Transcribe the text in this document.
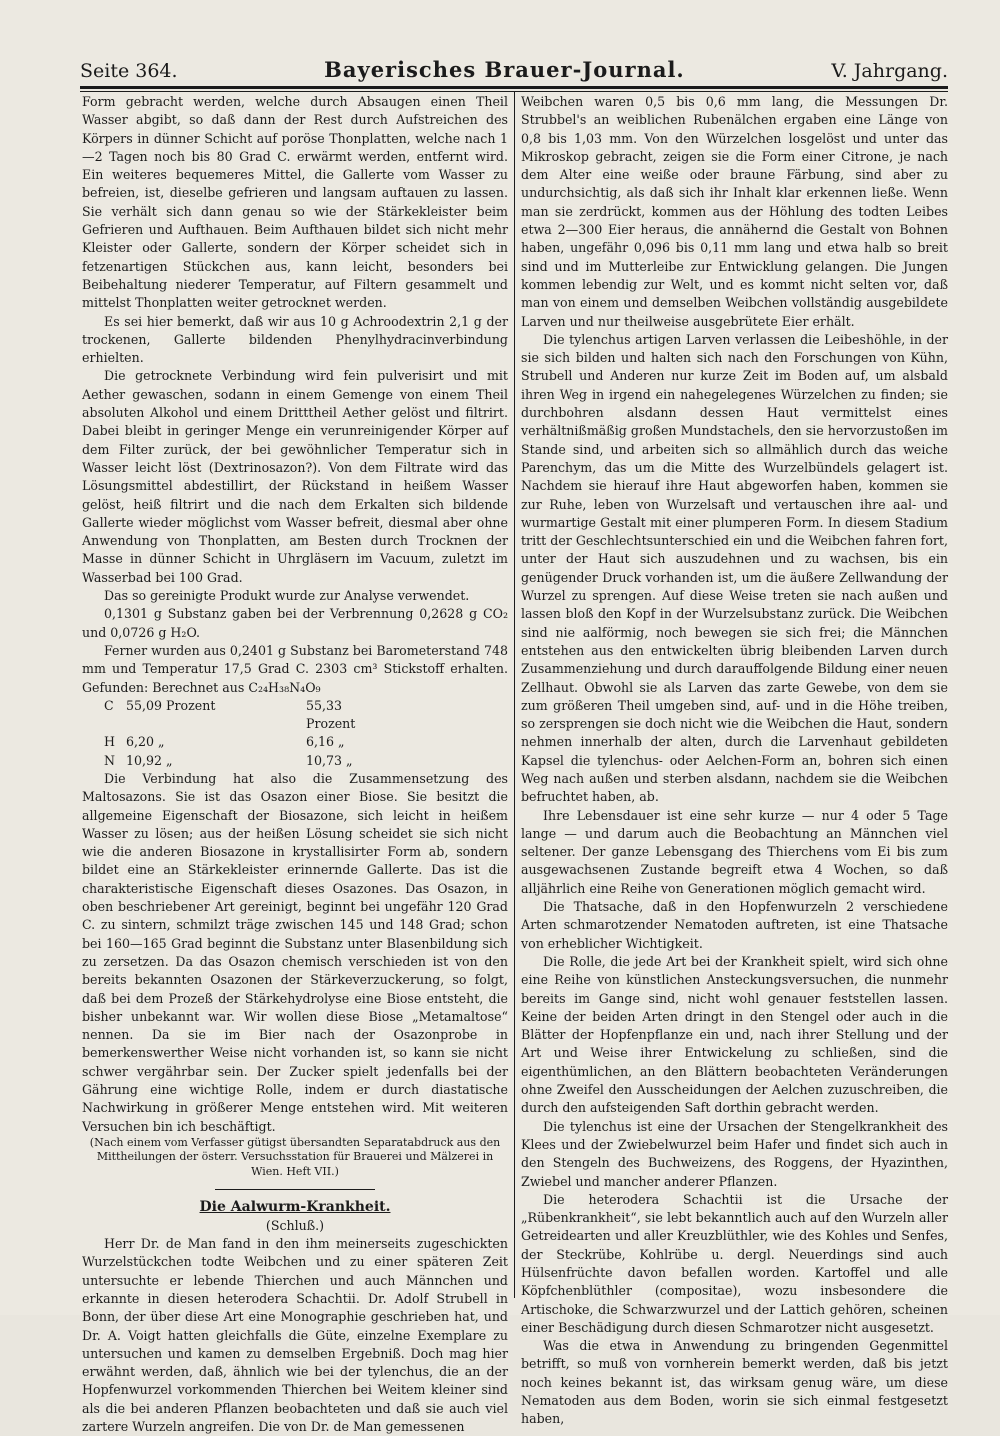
Seite 364.	Bayerisches Brauer-Journal.	V. Jahrgang.

Form gebracht werden, welche durch Absaugen einen Theil Wasser abgibt, so daß dann der Rest durch Aufstreichen des Körpers in dünner Schicht auf poröse Thonplatten, welche nach 1—2 Tagen noch bis 80 Grad C. erwärmt werden, entfernt wird. Ein weiteres bequemeres Mittel, die Gallerte vom Wasser zu befreien, ist, dieselbe gefrieren und langsam auftauen zu lassen. Sie verhält sich dann genau so wie der Stärkekleister beim Gefrieren und Aufthauen. Beim Aufthauen bildet sich nicht mehr Kleister oder Gallerte, sondern der Körper scheidet sich in fetzenartigen Stückchen aus, kann leicht, besonders bei Beibehaltung niederer Temperatur, auf Filtern gesammelt und mittelst Thonplatten weiter getrocknet werden.

Es sei hier bemerkt, daß wir aus 10 g Achroodextrin 2,1 g der trockenen, Gallerte bildenden Phenylhydracinverbindung erhielten.

Die getrocknete Verbindung wird fein pulverisirt und mit Aether gewaschen, sodann in einem Gemenge von einem Theil absoluten Alkohol und einem Dritttheil Aether gelöst und filtrirt. Dabei bleibt in geringer Menge ein verunreinigender Körper auf dem Filter zurück, der bei gewöhnlicher Temperatur sich in Wasser leicht löst (Dextrinosazon?). Von dem Filtrate wird das Lösungsmittel abdestillirt, der Rückstand in heißem Wasser gelöst, heiß filtrirt und die nach dem Erkalten sich bildende Gallerte wieder möglichst vom Wasser befreit, diesmal aber ohne Anwendung von Thonplatten, am Besten durch Trocknen der Masse in dünner Schicht in Uhrgläsern im Vacuum, zuletzt im Wasserbad bei 100 Grad.

Das so gereinigte Produkt wurde zur Analyse verwendet.

0,1301 g Substanz gaben bei der Verbrennung 0,2628 g CO₂ und 0,0726 g H₂O.

Ferner wurden aus 0,2401 g Substanz bei Barometerstand 748 mm und Temperatur 17,5 Grad C. 2303 cm³ Stickstoff erhalten. Gefunden: Berechnet aus C₂₄H₃₈N₄O₉

C 55,09 Prozent	55,33 Prozent
H 6,20 „	6,16 „
N 10,92 „	10,73 „

Die Verbindung hat also die Zusammensetzung des Maltosazons. Sie ist das Osazon einer Biose. Sie besitzt die allgemeine Eigenschaft der Biosazone, sich leicht in heißem Wasser zu lösen; aus der heißen Lösung scheidet sie sich nicht wie die anderen Biosazone in krystallisirter Form ab, sondern bildet eine an Stärkekleister erinnernde Gallerte. Das ist die charakteristische Eigenschaft dieses Osazones. Das Osazon, in oben beschriebener Art gereinigt, beginnt bei ungefähr 120 Grad C. zu sintern, schmilzt träge zwischen 145 und 148 Grad; schon bei 160—165 Grad beginnt die Substanz unter Blasenbildung sich zu zersetzen. Da das Osazon chemisch verschieden ist von den bereits bekannten Osazonen der Stärkeverzuckerung, so folgt, daß bei dem Prozeß der Stärkehydrolyse eine Biose entsteht, die bisher unbekannt war. Wir wollen diese Biose „Metamaltose“ nennen. Da sie im Bier nach der Osazonprobe in bemerkenswerther Weise nicht vorhanden ist, so kann sie nicht schwer vergährbar sein. Der Zucker spielt jedenfalls bei der Gährung eine wichtige Rolle, indem er durch diastatische Nachwirkung in größerer Menge entstehen wird. Mit weiteren Versuchen bin ich beschäftigt.

(Nach einem vom Verfasser gütigst übersandten Separatabdruck aus den Mittheilungen der österr. Versuchsstation für Brauerei und Mälzerei in Wien. Heft VII.)

Die Aalwurm-Krankheit.

(Schluß.)

Herr Dr. de Man fand in den ihm meinerseits zugeschickten Wurzelstückchen todte Weibchen und zu einer späteren Zeit untersuchte er lebende Thierchen und auch Männchen und erkannte in diesen heterodera Schachtii. Dr. Adolf Strubell in Bonn, der über diese Art eine Monographie geschrieben hat, und Dr. A. Voigt hatten gleichfalls die Güte, einzelne Exemplare zu untersuchen und kamen zu demselben Ergebniß. Doch mag hier erwähnt werden, daß, ähnlich wie bei der tylenchus, die an der Hopfenwurzel vorkommenden Thierchen bei Weitem kleiner sind als die bei anderen Pflanzen beobachteten und daß sie auch viel zartere Wurzeln angreifen. Die von Dr. de Man gemessenen

Weibchen waren 0,5 bis 0,6 mm lang, die Messungen Dr. Strubbel's an weiblichen Rubenälchen ergaben eine Länge von 0,8 bis 1,03 mm. Von den Würzelchen losgelöst und unter das Mikroskop gebracht, zeigen sie die Form einer Citrone, je nach dem Alter eine weiße oder braune Färbung, sind aber zu undurchsichtig, als daß sich ihr Inhalt klar erkennen ließe. Wenn man sie zerdrückt, kommen aus der Höhlung des todten Leibes etwa 2—300 Eier heraus, die annähernd die Gestalt von Bohnen haben, ungefähr 0,096 bis 0,11 mm lang und etwa halb so breit sind und im Mutterleibe zur Entwicklung gelangen. Die Jungen kommen lebendig zur Welt, und es kommt nicht selten vor, daß man von einem und demselben Weibchen vollständig ausgebildete Larven und nur theilweise ausgebrütete Eier erhält.

Die tylenchus artigen Larven verlassen die Leibeshöhle, in der sie sich bilden und halten sich nach den Forschungen von Kühn, Strubell und Anderen nur kurze Zeit im Boden auf, um alsbald ihren Weg in irgend ein nahegelegenes Würzelchen zu finden; sie durchbohren alsdann dessen Haut vermittelst eines verhältnißmäßig großen Mundstachels, den sie hervorzustoßen im Stande sind, und arbeiten sich so allmählich durch das weiche Parenchym, das um die Mitte des Wurzelbündels gelagert ist. Nachdem sie hierauf ihre Haut abgeworfen haben, kommen sie zur Ruhe, leben von Wurzelsaft und vertauschen ihre aal- und wurmartige Gestalt mit einer plumperen Form. In diesem Stadium tritt der Geschlechtsunterschied ein und die Weibchen fahren fort, unter der Haut sich auszudehnen und zu wachsen, bis ein genügender Druck vorhanden ist, um die äußere Zellwandung der Wurzel zu sprengen. Auf diese Weise treten sie nach außen und lassen bloß den Kopf in der Wurzelsubstanz zurück. Die Weibchen sind nie aalförmig, noch bewegen sie sich frei; die Männchen entstehen aus den entwickelten übrig bleibenden Larven durch Zusammenziehung und durch darauffolgende Bildung einer neuen Zellhaut. Obwohl sie als Larven das zarte Gewebe, von dem sie zum größeren Theil umgeben sind, auf- und in die Höhe treiben, so zersprengen sie doch nicht wie die Weibchen die Haut, sondern nehmen innerhalb der alten, durch die Larvenhaut gebildeten Kapsel die tylenchus- oder Aelchen-Form an, bohren sich einen Weg nach außen und sterben alsdann, nachdem sie die Weibchen befruchtet haben, ab.

Ihre Lebensdauer ist eine sehr kurze — nur 4 oder 5 Tage lange — und darum auch die Beobachtung an Männchen viel seltener. Der ganze Lebensgang des Thierchens vom Ei bis zum ausgewachsenen Zustande begreift etwa 4 Wochen, so daß alljährlich eine Reihe von Generationen möglich gemacht wird.

Die Thatsache, daß in den Hopfenwurzeln 2 verschiedene Arten schmarotzender Nematoden auftreten, ist eine Thatsache von erheblicher Wichtigkeit.

Die Rolle, die jede Art bei der Krankheit spielt, wird sich ohne eine Reihe von künstlichen Ansteckungsversuchen, die nunmehr bereits im Gange sind, nicht wohl genauer feststellen lassen. Keine der beiden Arten dringt in den Stengel oder auch in die Blätter der Hopfenpflanze ein und, nach ihrer Stellung und der Art und Weise ihrer Entwickelung zu schließen, sind die eigenthümlichen, an den Blättern beobachteten Veränderungen ohne Zweifel den Ausscheidungen der Aelchen zuzuschreiben, die durch den aufsteigenden Saft dorthin gebracht werden.

Die tylenchus ist eine der Ursachen der Stengelkrankheit des Klees und der Zwiebelwurzel beim Hafer und findet sich auch in den Stengeln des Buchweizens, des Roggens, der Hyazinthen, Zwiebel und mancher anderer Pflanzen.

Die heterodera Schachtii ist die Ursache der „Rübenkrankheit“, sie lebt bekanntlich auch auf den Wurzeln aller Getreidearten und aller Kreuzblüthler, wie des Kohles und Senfes, der Steckrübe, Kohlrübe u. dergl. Neuerdings sind auch Hülsenfrüchte davon befallen worden. Kartoffel und alle Köpfchenblüthler (compositae), wozu insbesondere die Artischoke, die Schwarzwurzel und der Lattich gehören, scheinen einer Beschädigung durch diesen Schmarotzer nicht ausgesetzt.

Was die etwa in Anwendung zu bringenden Gegenmittel betrifft, so muß von vornherein bemerkt werden, daß bis jetzt noch keines bekannt ist, das wirksam genug wäre, um diese Nematoden aus dem Boden, worin sie sich einmal festgesetzt haben,
